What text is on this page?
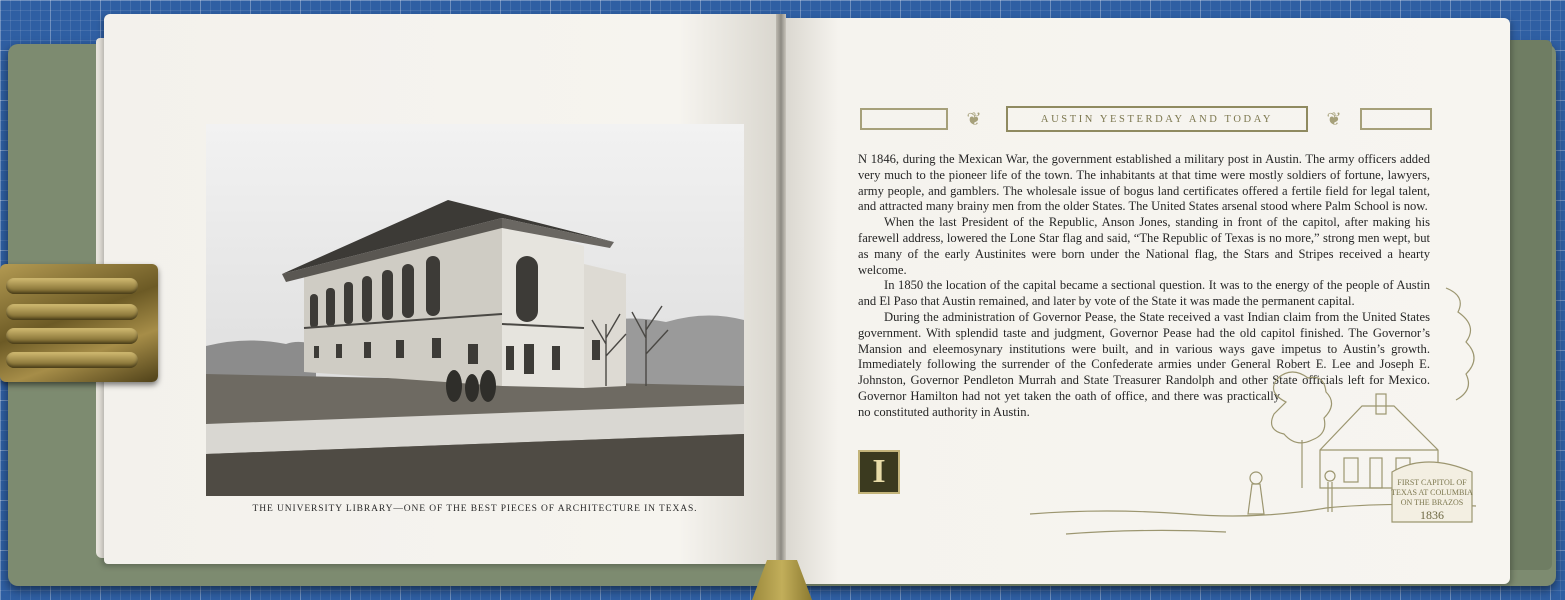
THE UNIVERSITY LIBRARY—ONE OF THE BEST PIECES OF ARCHITECTURE IN TEXAS.
❦	AUSTIN YESTERDAY AND TODAY	❦
I

N 1846, during the Mexican War, the government established a military post in Austin. The army officers added very much to the pioneer life of the town. The inhabitants at that time were mostly soldiers of fortune, lawyers, army people, and gamblers. The wholesale issue of bogus land certificates offered a fertile field for legal talent, and attracted many brainy men from the older States. The United States arsenal stood where Palm School is now.

When the last President of the Republic, Anson Jones, standing in front of the capitol, after making his farewell address, lowered the Lone Star flag and said, “The Republic of Texas is no more,” strong men wept, but as many of the early Austinites were born under the National flag, the Stars and Stripes received a hearty welcome.

In 1850 the location of the capital became a sectional question. It was to the energy of the people of Austin and El Paso that Austin remained, and later by vote of the State it was made the permanent capital.

During the administration of Governor Pease, the State received a vast Indian claim from the United States government. With splendid taste and judgment, Governor Pease had the old capitol finished. The Governor’s Mansion and eleemosynary institutions were built, and in various ways gave impetus to Austin’s growth. Immediately following the surrender of the Confederate armies under General Robert E. Lee and Joseph E. Johnston, Governor Pendleton Murrah and State Treasurer Randolph and other State officials left for Mexico. Governor Hamilton had not yet taken the oath of office, and there was practically no constituted authority in Austin.

FIRST CAPITOL OF
TEXAS AT COLUMBIA
ON THE BRAZOS
1836
